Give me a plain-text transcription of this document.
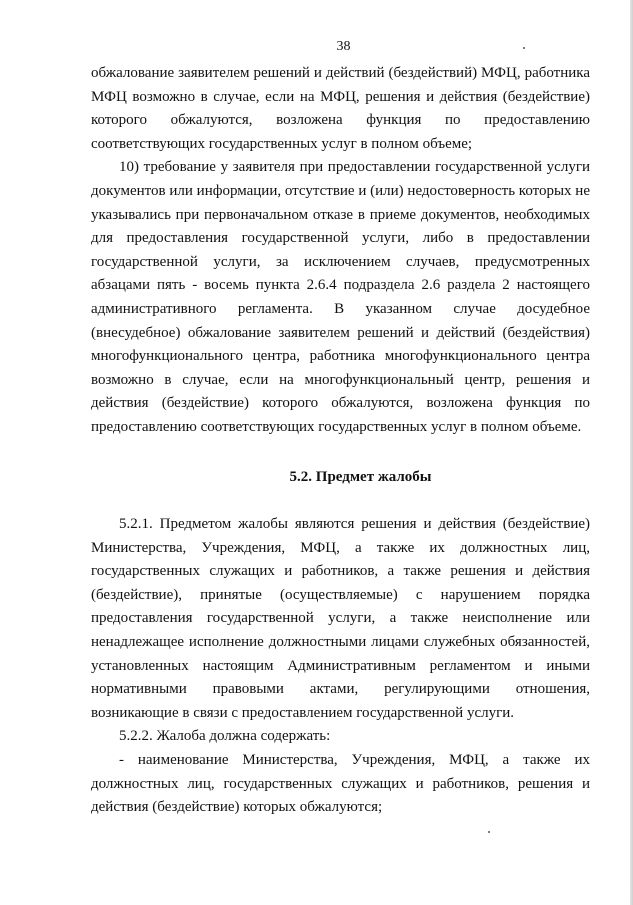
38

обжалование заявителем решений и действий (бездействий) МФЦ, работника МФЦ возможно в случае, если на МФЦ, решения и действия (бездействие) которого обжалуются, возложена функция по предоставлению соответствующих государственных услуг в полном объеме;

10) требование у заявителя при предоставлении государственной услуги документов или информации, отсутствие и (или) недостоверность которых не указывались при первоначальном отказе в приеме документов, необходимых для предоставления государственной услуги, либо в предоставлении государственной услуги, за исключением случаев, предусмотренных абзацами пять - восемь пункта 2.6.4 подраздела 2.6 раздела 2 настоящего административного регламента. В указанном случае досудебное (внесудебное) обжалование заявителем решений и действий (бездействия) многофункционального центра, работника многофункционального центра возможно в случае, если на многофункциональный центр, решения и действия (бездействие) которого обжалуются, возложена функция по предоставлению соответствующих государственных услуг в полном объеме.

5.2. Предмет жалобы

5.2.1. Предметом жалобы являются решения и действия (бездействие) Министерства, Учреждения, МФЦ, а также их должностных лиц, государственных служащих и работников, а также решения и действия (бездействие), принятые (осуществляемые) с нарушением порядка предоставления государственной услуги, а также неисполнение или ненадлежащее исполнение должностными лицами служебных обязанностей, установленных настоящим Административным регламентом и иными нормативными правовыми актами, регулирующими отношения, возникающие в связи с предоставлением государственной услуги.

5.2.2. Жалоба должна содержать:

- наименование Министерства, Учреждения, МФЦ, а также их должностных лиц, государственных служащих и работников, решения и действия (бездействие) которых обжалуются;
